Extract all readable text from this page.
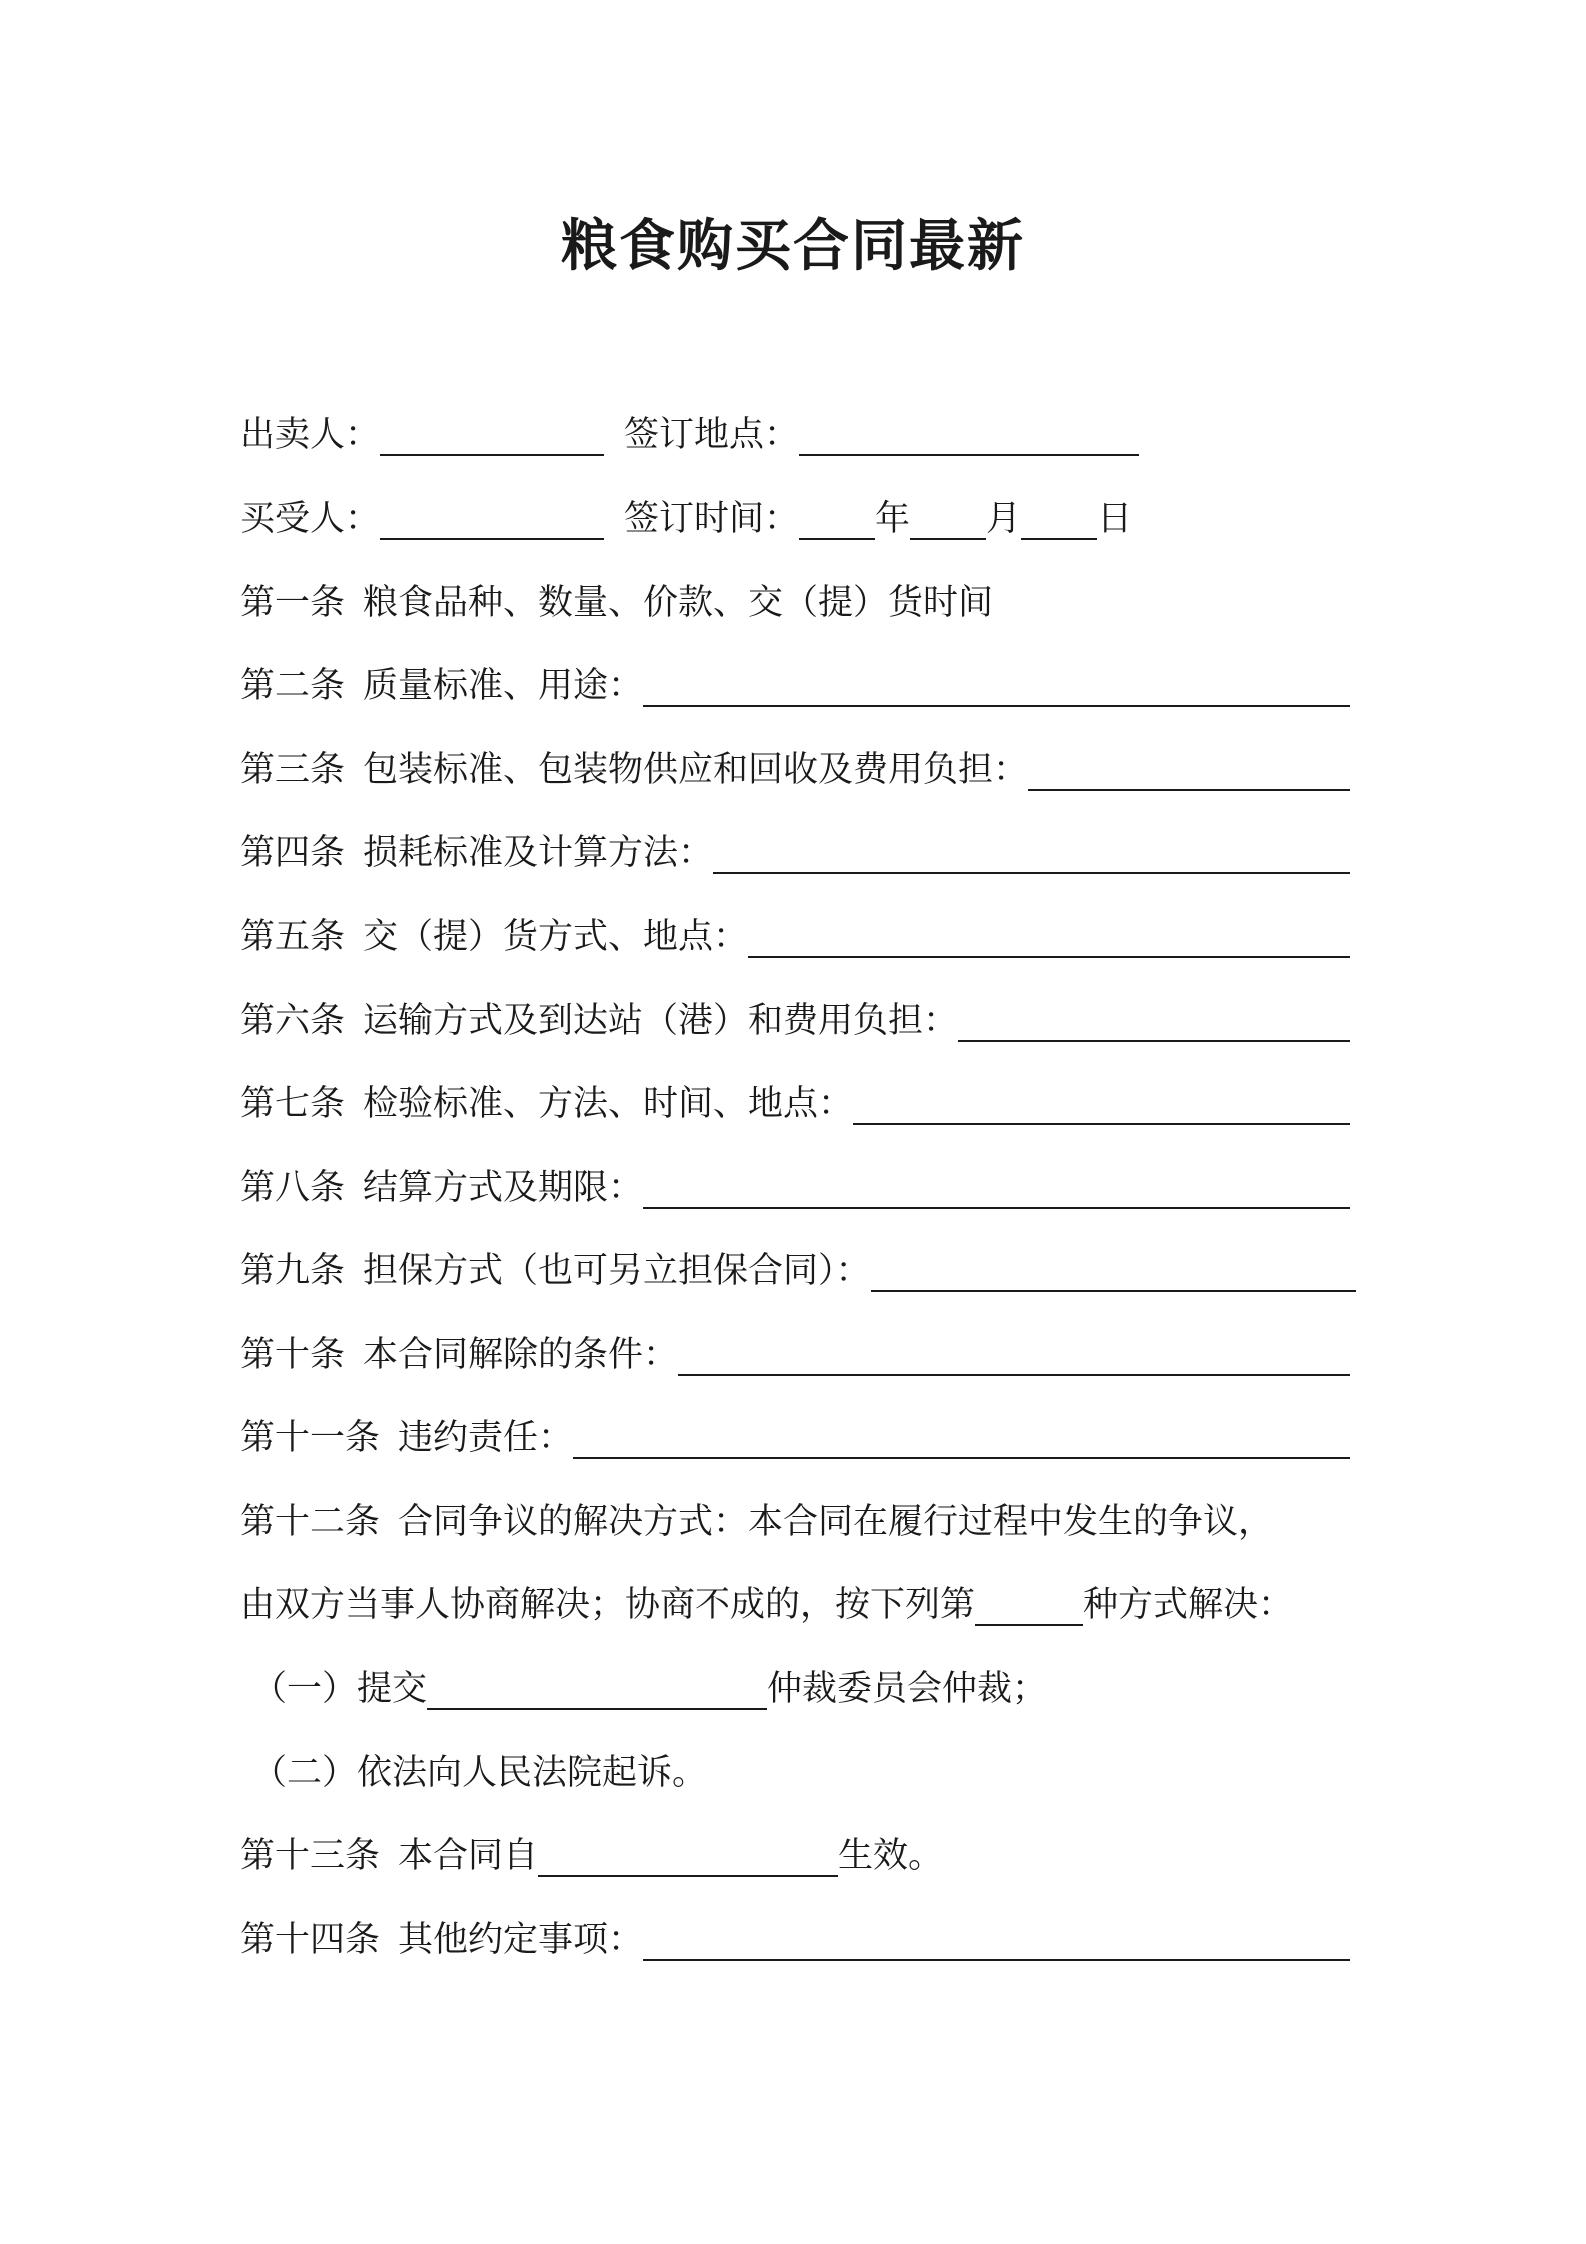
粮食购买合同最新
出卖人：	签订地点：
买受人：	签订时间： 年 月 日
第一条 粮食品种、数量、价款、交（提）货时间
第二条 质量标准、用途：
第三条 包装标准、包装物供应和回收及费用负担：
第四条 损耗标准及计算方法：
第五条 交（提）货方式、地点：
第六条 运输方式及到达站（港）和费用负担：
第七条 检验标准、方法、时间、地点：
第八条 结算方式及期限：
第九条 担保方式（也可另立担保合同）：
第十条 本合同解除的条件：
第十一条 违约责任：
第十二条 合同争议的解决方式：本合同在履行过程中发生的争议，
由双方当事人协商解决；协商不成的，按下列第	种方式解决：
（一）提交	仲裁委员会仲裁；
（二）依法向人民法院起诉。
第十三条 本合同自	生效。
第十四条 其他约定事项：
